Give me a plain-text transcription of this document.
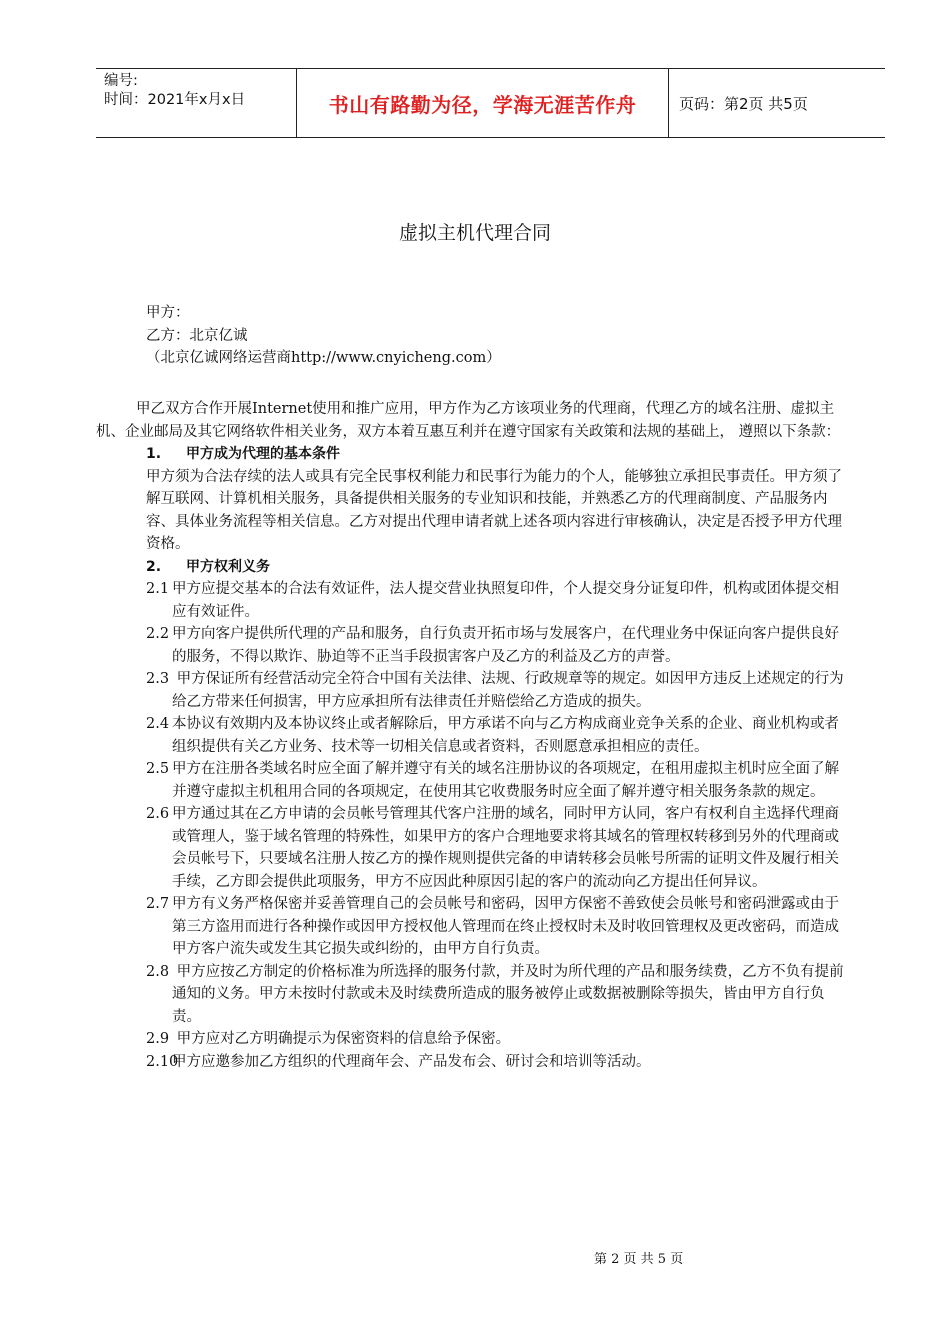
编号:
时间：2021年x月x日	书山有路勤为径，学海无涯苦作舟	页码：第2页 共5页
虚拟主机代理合同
甲方：
乙方：北京亿诚
（北京亿诚网络运营商http://www.cnyicheng.com）

甲乙双方合作开展Internet使用和推广应用，甲方作为乙方该项业务的代理商，代理乙方的域名注册、虚拟主机、企业邮局及其它网络软件相关业务，双方本着互惠互利并在遵守国家有关政策和法规的基础上， 遵照以下条款：

1. 甲方成为代理的基本条件

甲方须为合法存续的法人或具有完全民事权利能力和民事行为能力的个人，能够独立承担民事责任。甲方须了解互联网、计算机相关服务，具备提供相关服务的专业知识和技能，并熟悉乙方的代理商制度、产品服务内容、具体业务流程等相关信息。乙方对提出代理申请者就上述各项内容进行审核确认，决定是否授予甲方代理资格。

2. 甲方权利义务

2.1 甲方应提交基本的合法有效证件，法人提交营业执照复印件，个人提交身分证复印件，机构或团体提交相应有效证件。

2.2 甲方向客户提供所代理的产品和服务，自行负责开拓市场与发展客户，在代理业务中保证向客户提供良好的服务，不得以欺诈、胁迫等不正当手段损害客户及乙方的利益及乙方的声誉。

2.3 甲方保证所有经营活动完全符合中国有关法律、法规、行政规章等的规定。如因甲方违反上述规定的行为给乙方带来任何损害，甲方应承担所有法律责任并赔偿给乙方造成的损失。

2.4 本协议有效期内及本协议终止或者解除后，甲方承诺不向与乙方构成商业竞争关系的企业、商业机构或者组织提供有关乙方业务、技术等一切相关信息或者资料，否则愿意承担相应的责任。

2.5 甲方在注册各类域名时应全面了解并遵守有关的域名注册协议的各项规定，在租用虚拟主机时应全面了解并遵守虚拟主机租用合同的各项规定，在使用其它收费服务时应全面了解并遵守相关服务条款的规定。

2.6 甲方通过其在乙方申请的会员帐号管理其代客户注册的域名，同时甲方认同，客户有权利自主选择代理商或管理人，鉴于域名管理的特殊性，如果甲方的客户合理地要求将其域名的管理权转移到另外的代理商或会员帐号下，只要域名注册人按乙方的操作规则提供完备的申请转移会员帐号所需的证明文件及履行相关手续，乙方即会提供此项服务，甲方不应因此种原因引起的客户的流动向乙方提出任何异议。

2.7 甲方有义务严格保密并妥善管理自己的会员帐号和密码，因甲方保密不善致使会员帐号和密码泄露或由于第三方盗用而进行各种操作或因甲方授权他人管理而在终止授权时未及时收回管理权及更改密码，而造成甲方客户流失或发生其它损失或纠纷的，由甲方自行负责。

2.8 甲方应按乙方制定的价格标准为所选择的服务付款，并及时为所代理的产品和服务续费，乙方不负有提前通知的义务。甲方未按时付款或未及时续费所造成的服务被停止或数据被删除等损失，皆由甲方自行负责。

2.9 甲方应对乙方明确提示为保密资料的信息给予保密。

2.10甲方应邀参加乙方组织的代理商年会、产品发布会、研讨会和培训等活动。

第 2 页 共 5 页
